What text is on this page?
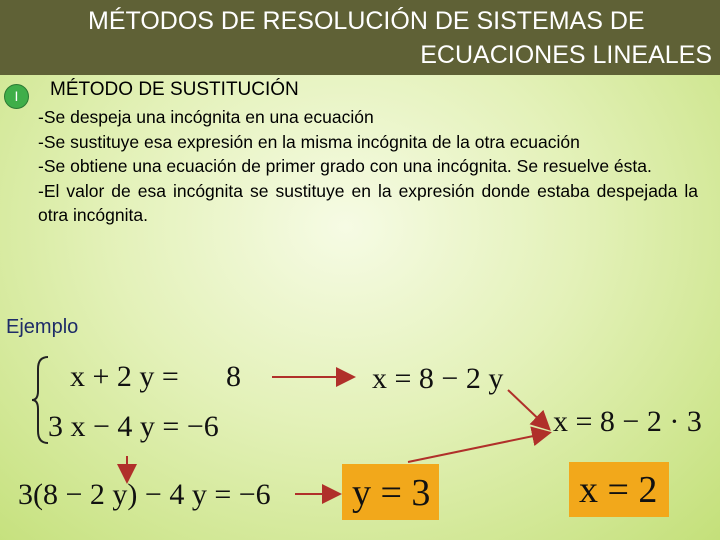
MÉTODOS DE RESOLUCIÓN DE SISTEMAS DE
ECUACIONES LINEALES
I	MÉTODO DE SUSTITUCIÓN

-Se despeja una incógnita en una ecuación

-Se sustituye esa expresión en la misma incógnita de la otra ecuación

-Se obtiene una ecuación de primer grado con una incógnita. Se resuelve ésta.

-El valor de esa incógnita se sustituye en la expresión donde estaba despejada la otra incógnita.

Ejemplo
x + 2 y = 8
3 x − 4 y = −6
x = 8 − 2 y
x = 8 − 2 · 3
3(8 − 2 y) − 4 y = −6 y = 3	x = 2
